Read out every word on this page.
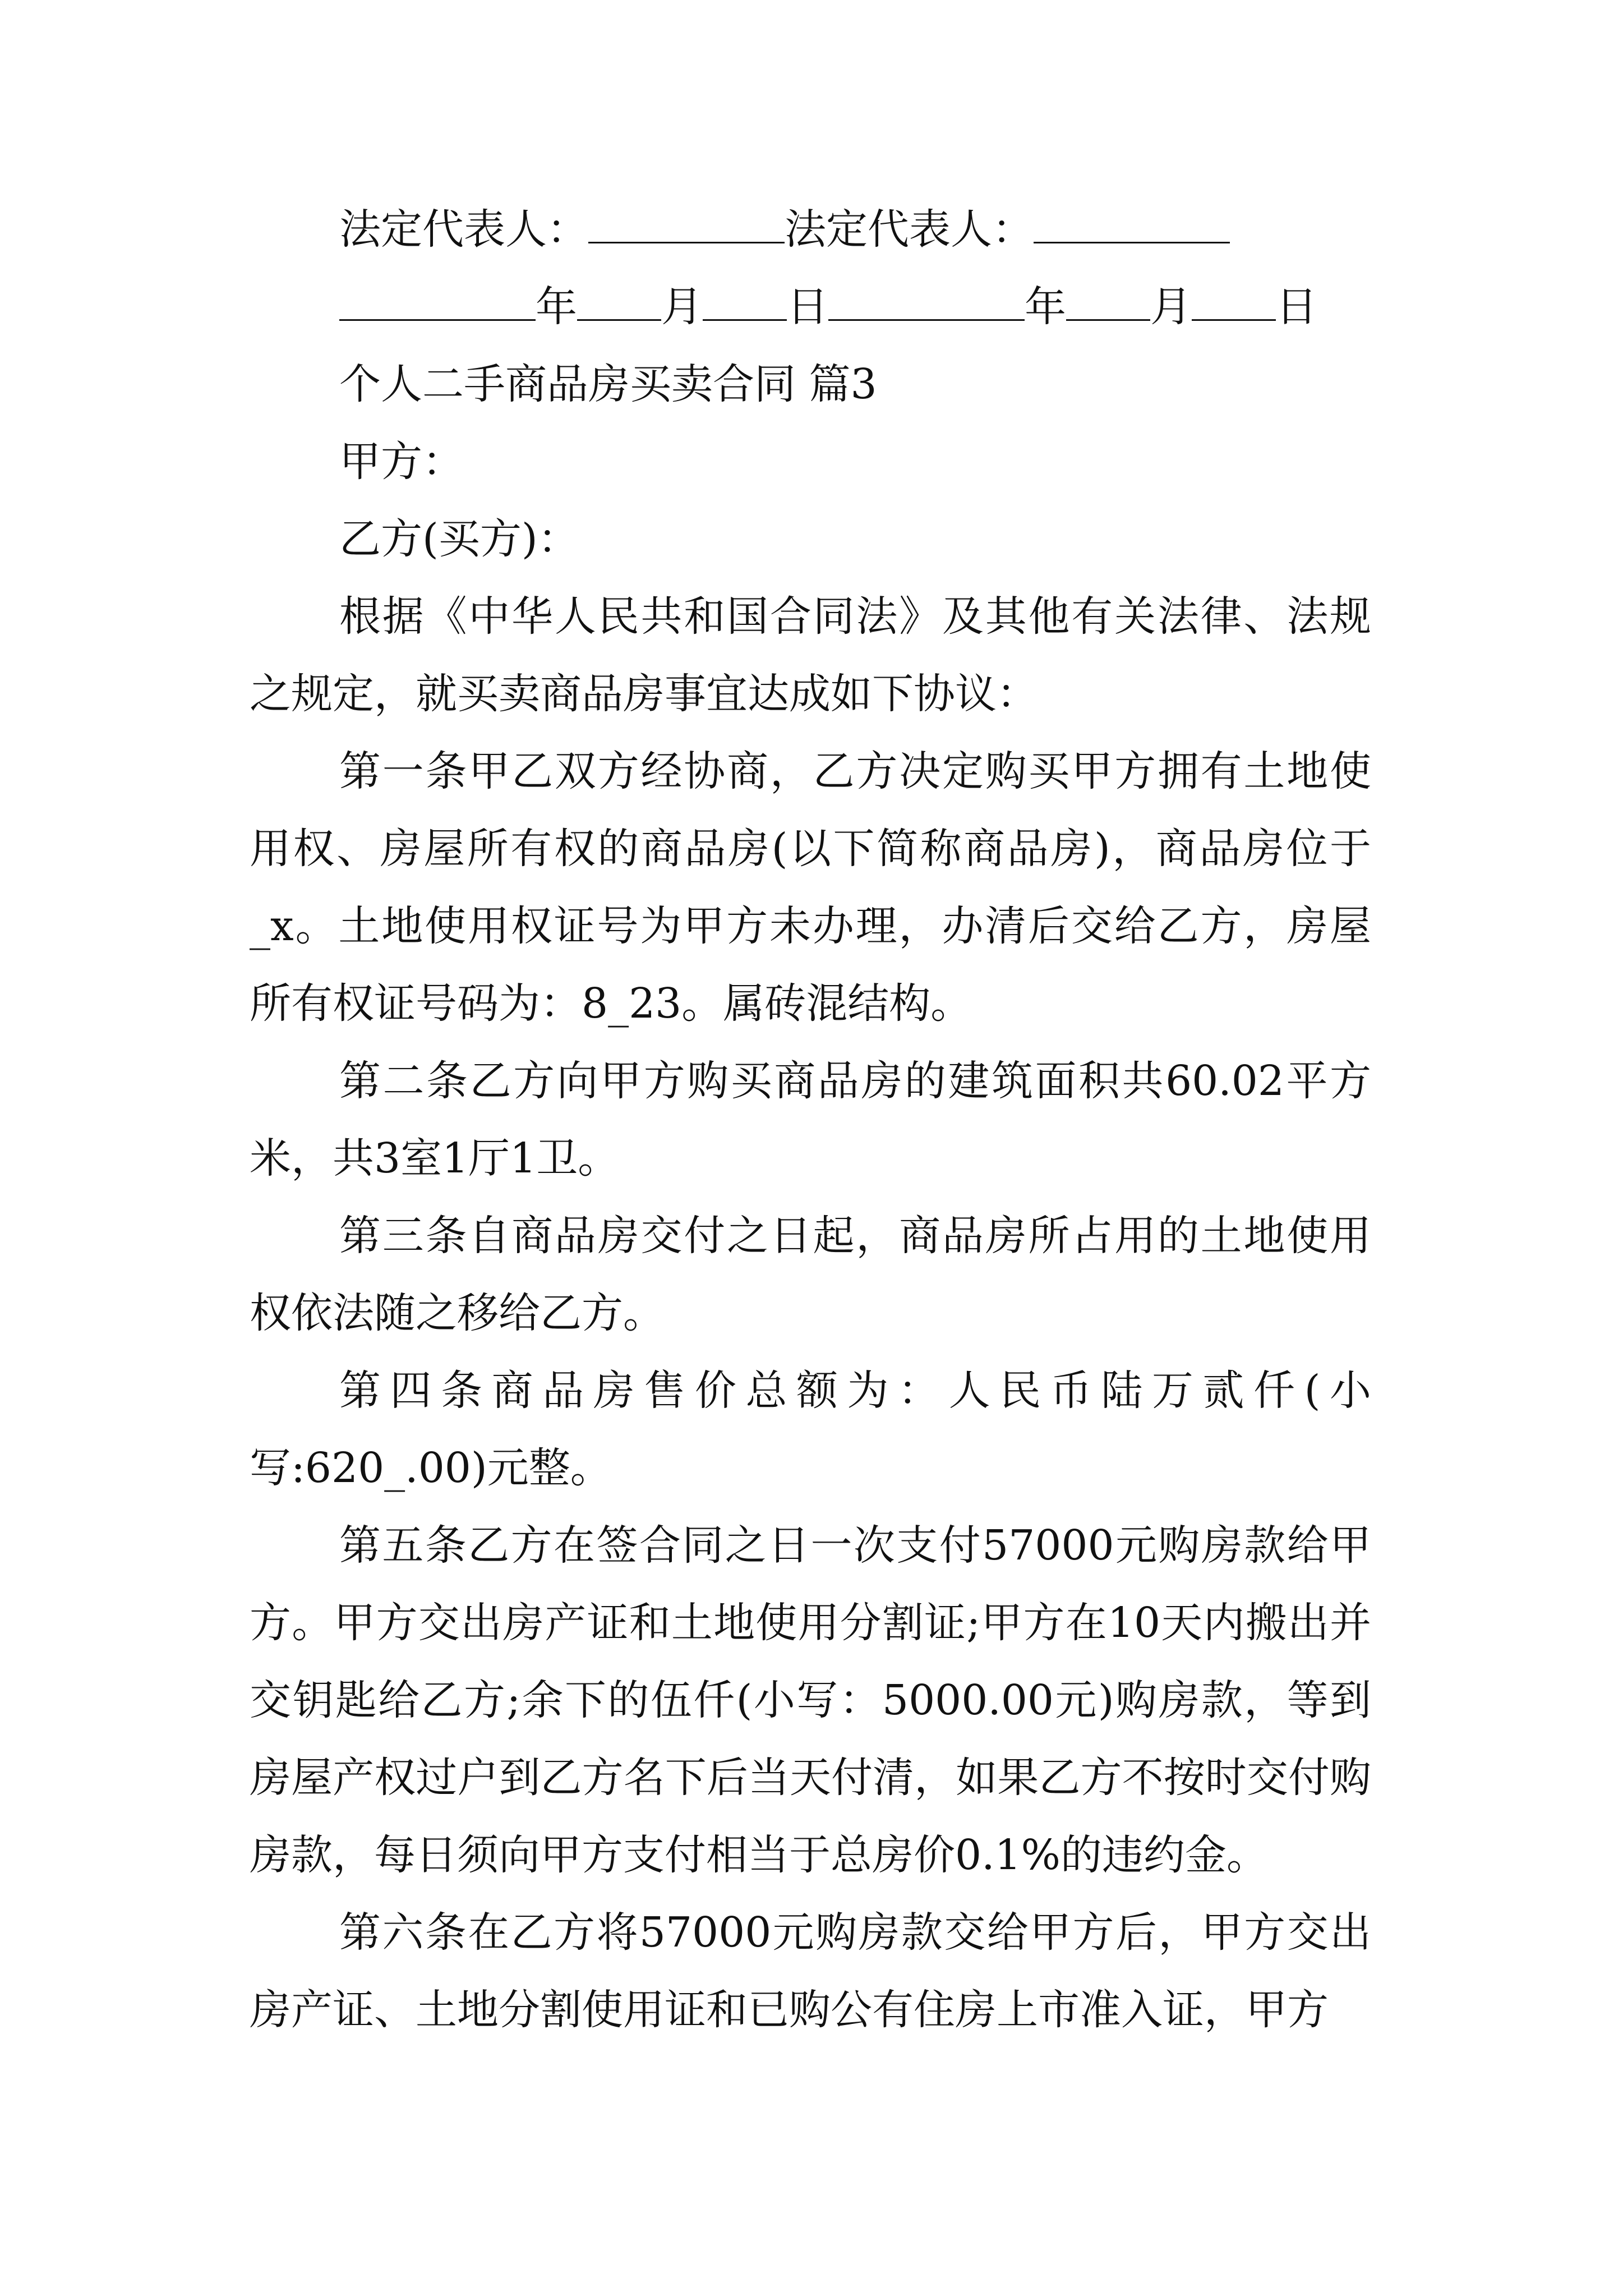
法定代表人：	法定代表人：

年 月 日	年 月 日

个人二手商品房买卖合同 篇3

甲方：

乙方(买方)：

根据《中华人民共和国合同法》及其他有关法律、法规之规定，就买卖商品房事宜达成如下协议：

第一条甲乙双方经协商，乙方决定购买甲方拥有土地使用权、房屋所有权的商品房(以下简称商品房)，商品房位于_x。土地使用权证号为甲方未办理，办清后交给乙方，房屋所有权证号码为：8_23。属砖混结构。

第二条乙方向甲方购买商品房的建筑面积共60.02平方米，共3室1厅1卫。

第三条自商品房交付之日起，商品房所占用的土地使用权依法随之移给乙方。

第四条商品房售价总额为：人民币陆万贰仟(小写:620_.00)元整。

第五条乙方在签合同之日一次支付57000元购房款给甲方。甲方交出房产证和土地使用分割证;甲方在10天内搬出并交钥匙给乙方;余下的伍仟(小写：5000.00元)购房款，等到房屋产权过户到乙方名下后当天付清，如果乙方不按时交付购房款，每日须向甲方支付相当于总房价0.1%的违约金。

第六条在乙方将57000元购房款交给甲方后，甲方交出房产证、土地分割使用证和已购公有住房上市准入证，甲方
